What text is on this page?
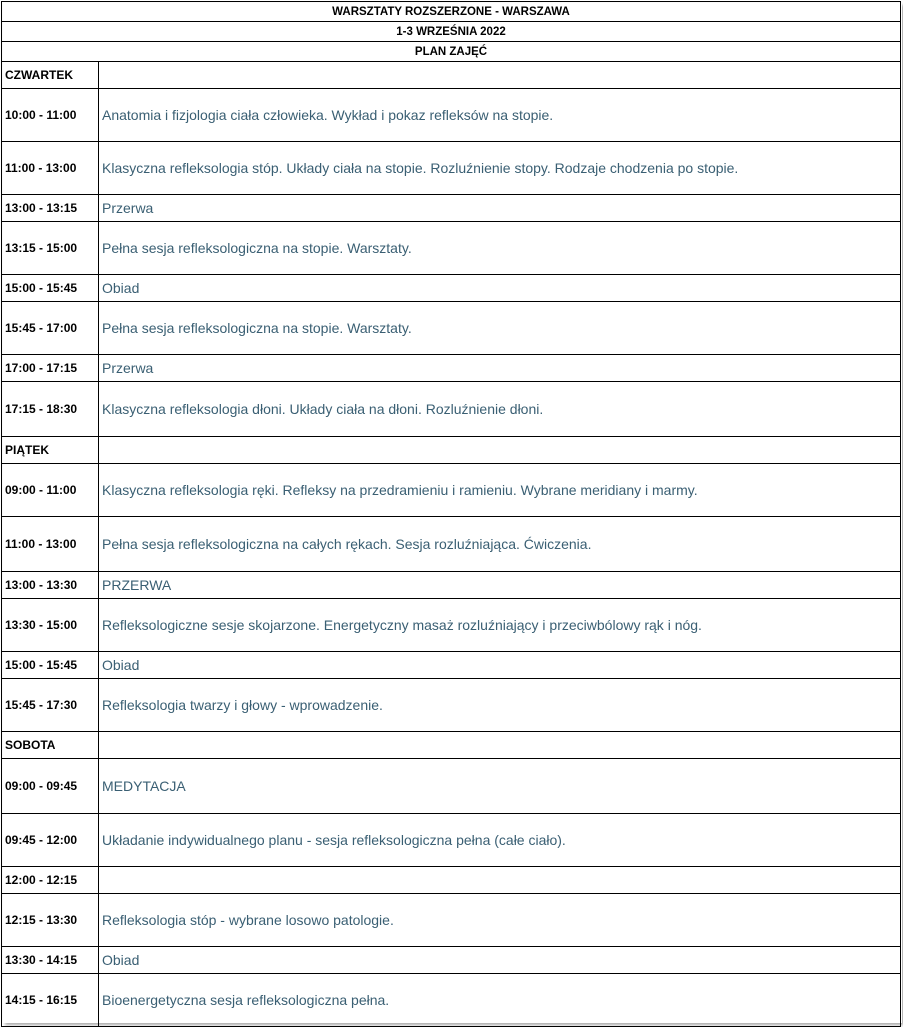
WARSZTATY ROZSZERZONE - WARSZAWA	
1-3 WRZEŚNIA 2022	
PLAN ZAJĘĆ	
CZWARTEK	
10:00 - 11:00	Anatomia i fizjologia ciała człowieka. Wykład i pokaz refleksów na stopie.
11:00 - 13:00	Klasyczna refleksologia stóp. Układy ciała na stopie. Rozluźnienie stopy. Rodzaje chodzenia po stopie.
13:00 - 13:15	Przerwa
13:15 - 15:00	Pełna sesja refleksologiczna na stopie. Warsztaty.
15:00 - 15:45	Obiad
15:45 - 17:00	Pełna sesja refleksologiczna na stopie. Warsztaty.
17:00 - 17:15	Przerwa
17:15 - 18:30	Klasyczna refleksologia dłoni. Układy ciała na dłoni. Rozluźnienie dłoni.
PIĄTEK	
09:00 - 11:00	Klasyczna refleksologia ręki. Refleksy na przedramieniu i ramieniu. Wybrane meridiany i marmy.
11:00 - 13:00	Pełna sesja refleksologiczna na całych rękach. Sesja rozluźniająca. Ćwiczenia.
13:00 - 13:30	PRZERWA
13:30 - 15:00	Refleksologiczne sesje skojarzone. Energetyczny masaż rozluźniający i przeciwbólowy rąk i nóg.
15:00 - 15:45	Obiad
15:45 - 17:30	Refleksologia twarzy i głowy - wprowadzenie.
SOBOTA	
09:00 - 09:45	MEDYTACJA
09:45 - 12:00	Układanie indywidualnego planu - sesja refleksologiczna pełna (całe ciało).
12:00 - 12:15	
12:15 - 13:30	Refleksologia stóp - wybrane losowo patologie.
13:30 - 14:15	Obiad
14:15 - 16:15	Bioenergetyczna sesja refleksologiczna pełna.
